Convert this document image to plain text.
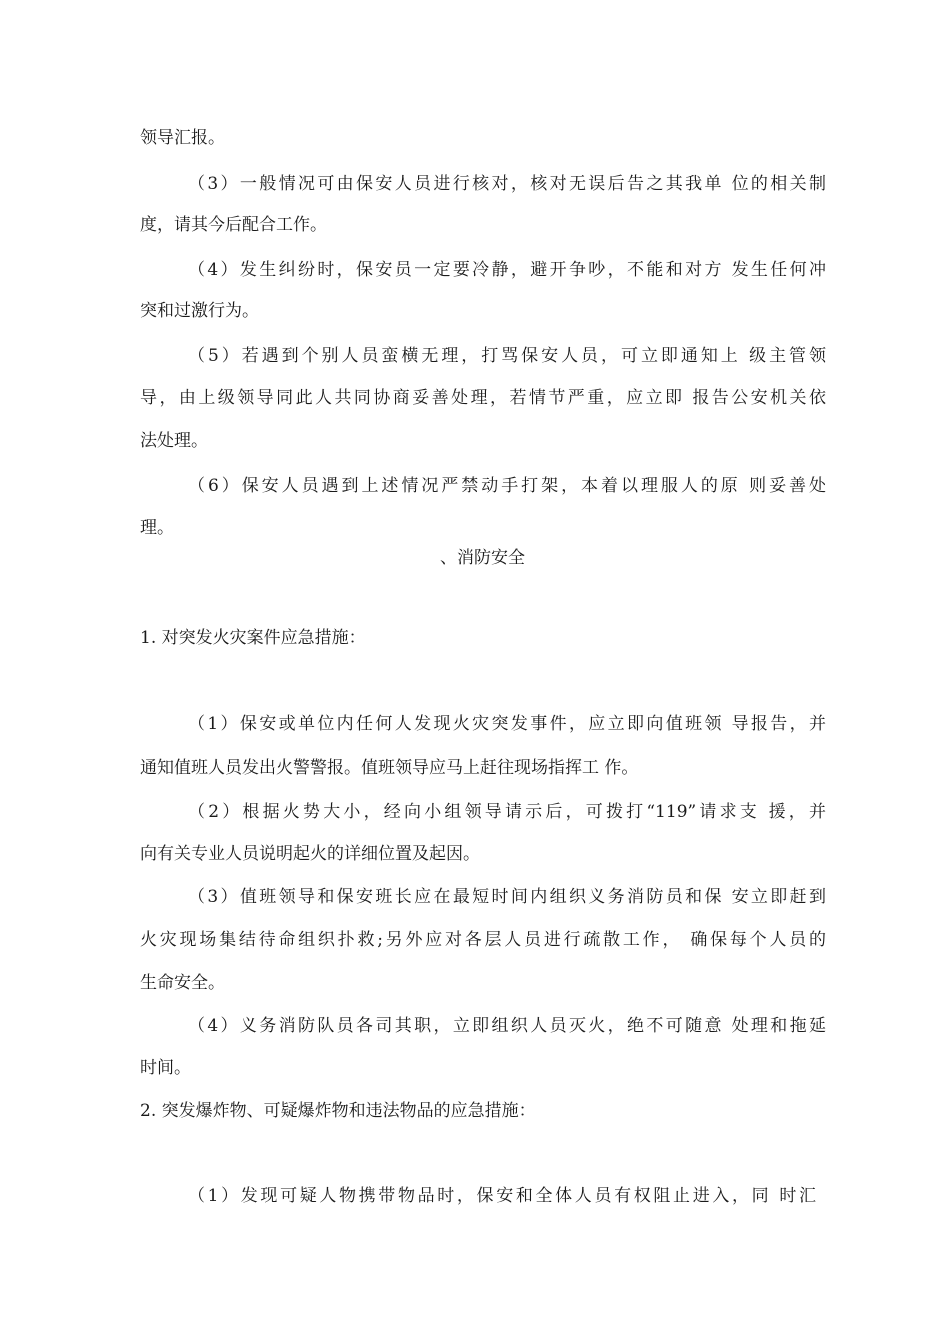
领导汇报。
（3）一般情况可由保安人员进行核对，核对无误后告之其我单 位的相关制
度，请其今后配合工作。
（4）发生纠纷时，保安员一定要冷静，避开争吵，不能和对方 发生任何冲
突和过激行为。
（5）若遇到个别人员蛮横无理，打骂保安人员，可立即通知上 级主管领
导，由上级领导同此人共同协商妥善处理，若情节严重，应立即 报告公安机关依
法处理。
（6）保安人员遇到上述情况严禁动手打架，本着以理服人的原 则妥善处
理。
、消防安全
1. 对突发火灾案件应急措施：
（1）保安或单位内任何人发现火灾突发事件，应立即向值班领 导报告，并
通知值班人员发出火警警报。值班领导应马上赶往现场指挥工 作。
（2）根据火势大小，经向小组领导请示后，可拨打“119”请求支 援，并
向有关专业人员说明起火的详细位置及起因。
（3）值班领导和保安班长应在最短时间内组织义务消防员和保 安立即赶到
火灾现场集结待命组织扑救;另外应对各层人员进行疏散工作， 确保每个人员的
生命安全。
（4）义务消防队员各司其职，立即组织人员灭火，绝不可随意 处理和拖延
时间。
2. 突发爆炸物、可疑爆炸物和违法物品的应急措施：
（1）发现可疑人物携带物品时，保安和全体人员有权阻止进入，同 时汇
